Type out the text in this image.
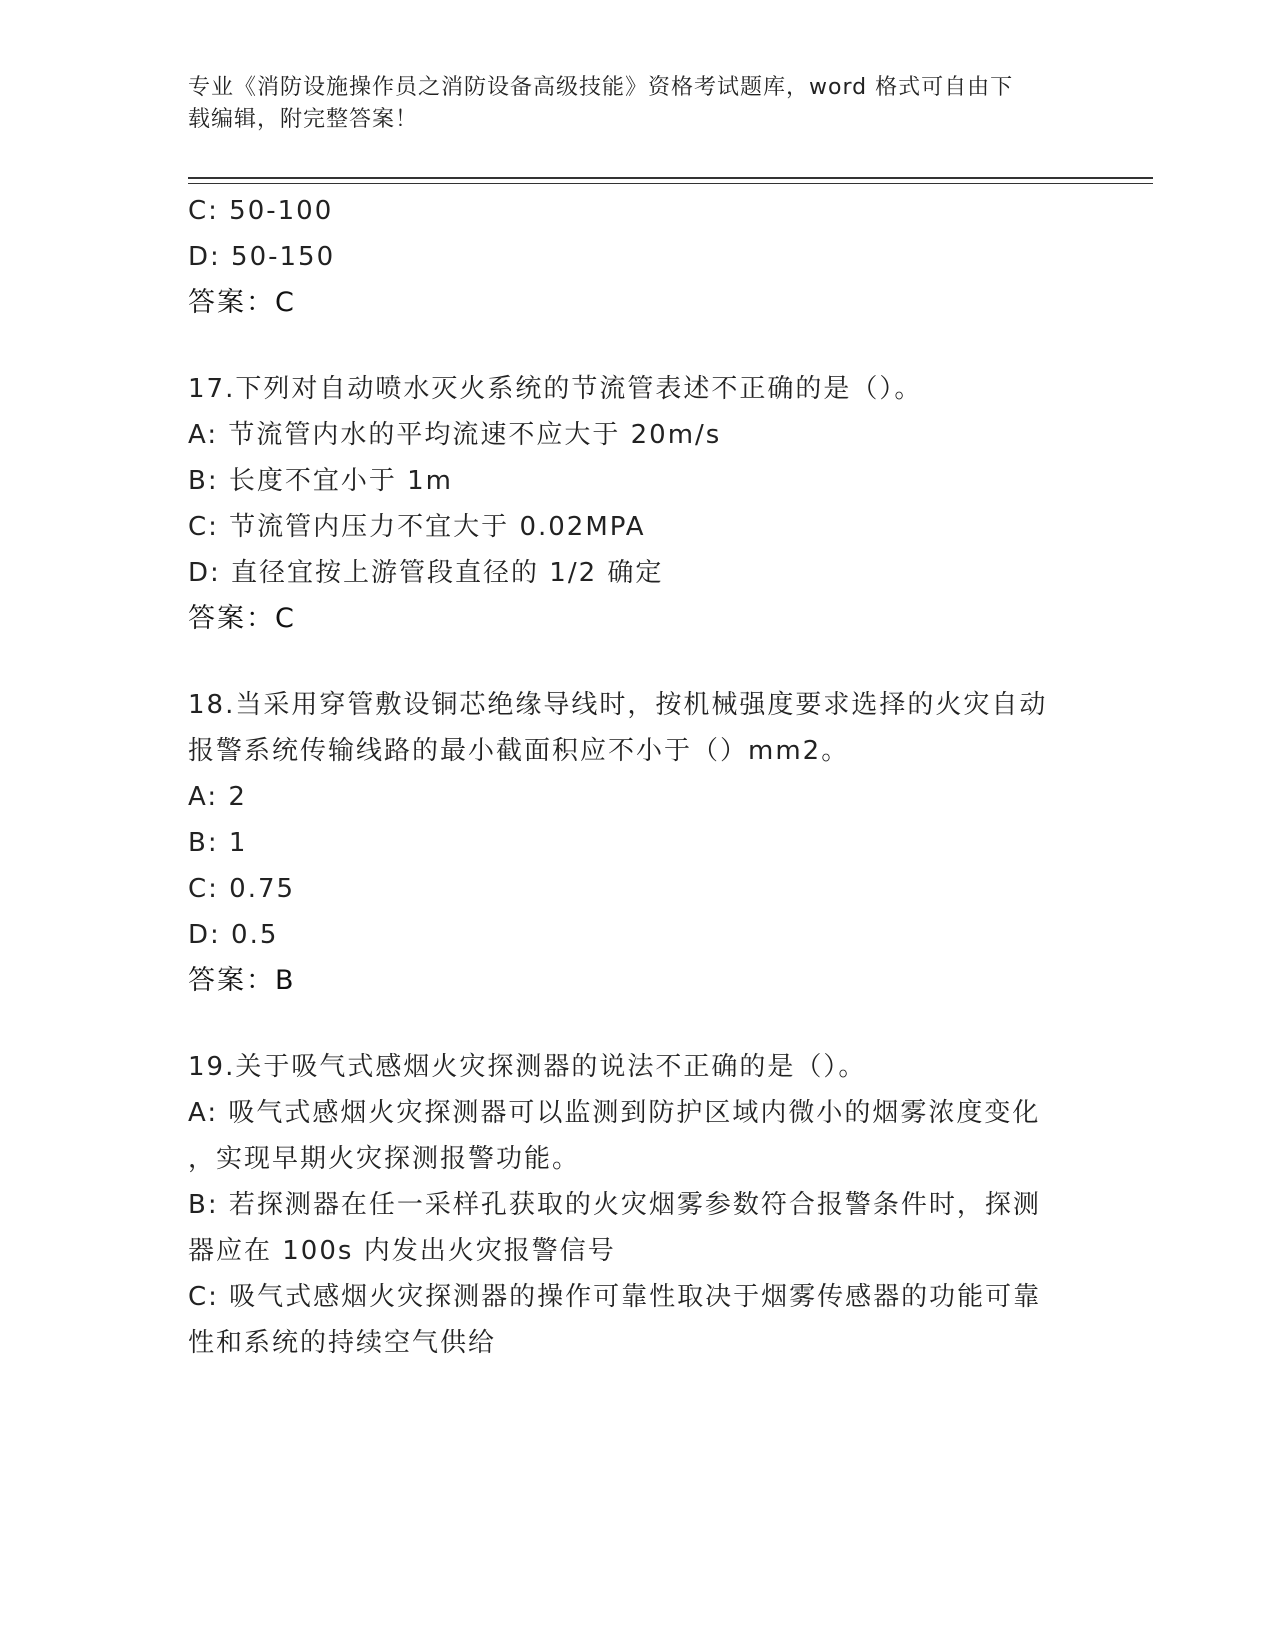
专业《消防设施操作员之消防设备高级技能》资格考试题库，word 格式可自由下
载编辑，附完整答案！
C: 50-100
D: 50-150
答案：C
17.下列对自动喷水灭火系统的节流管表述不正确的是（）。
A: 节流管内水的平均流速不应大于 20m/s
B: 长度不宜小于 1m
C: 节流管内压力不宜大于 0.02MPA
D: 直径宜按上游管段直径的 1/2 确定
答案：C
18.当采用穿管敷设铜芯绝缘导线时，按机械强度要求选择的火灾自动
报警系统传输线路的最小截面积应不小于（）mm2。
A: 2
B: 1
C: 0.75
D: 0.5
答案：B
19.关于吸气式感烟火灾探测器的说法不正确的是（）。
A: 吸气式感烟火灾探测器可以监测到防护区域内微小的烟雾浓度变化
，实现早期火灾探测报警功能。
B: 若探测器在任一采样孔获取的火灾烟雾参数符合报警条件时，探测
器应在 100s 内发出火灾报警信号
C: 吸气式感烟火灾探测器的操作可靠性取决于烟雾传感器的功能可靠
性和系统的持续空气供给
